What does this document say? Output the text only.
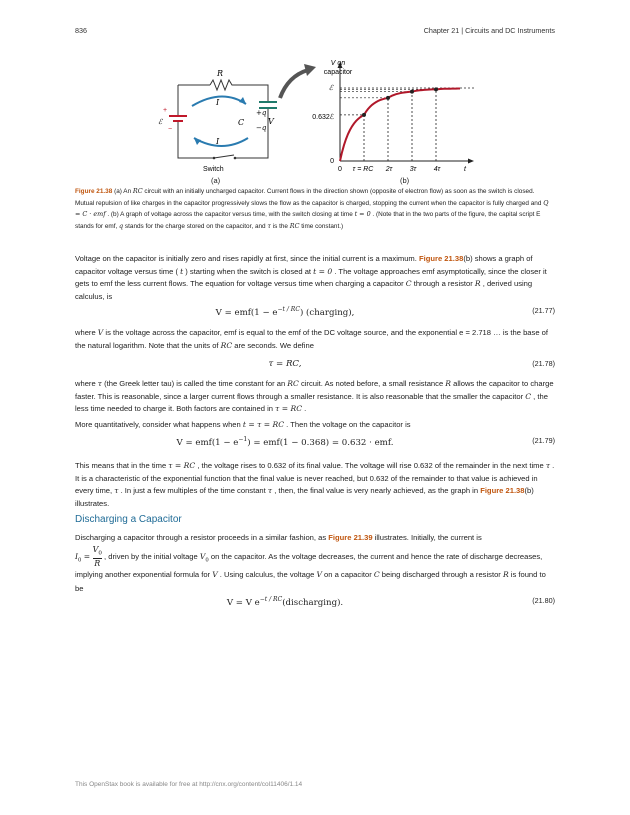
836	Chapter 21 | Circuits and DC Instruments
R
I
I
+
ℰ
−
C
+q
−q
V
Switch
V on
capacitor
ℰ
0.632ℰ
0
0 τ = RC 2τ 3τ 4τ	t
(a)	(b)
Figure 21.38 (a) An RC circuit with an initially uncharged capacitor. Current flows in the direction shown (opposite of electron flow) as soon as the switch is closed. Mutual repulsion of like charges in the capacitor progressively slows the flow as the capacitor is charged, stopping the current when the capacitor is fully charged and Q = C · emf . (b) A graph of voltage across the capacitor versus time, with the switch closing at time t = 0 . (Note that in the two parts of the figure, the capital script E stands for emf, q stands for the charge stored on the capacitor, and τ is the RC time constant.)
Voltage on the capacitor is initially zero and rises rapidly at first, since the initial current is a maximum. Figure 21.38(b) shows a graph of capacitor voltage versus time ( t ) starting when the switch is closed at t = 0 . The voltage approaches emf asymptotically, since the closer it gets to emf the less current flows. The equation for voltage versus time when charging a capacitor C through a resistor R , derived using calculus, is
$V = emf(1 - e^{-t / RC})$ (charging),	(21.77)
where V is the voltage across the capacitor, emf is equal to the emf of the DC voltage source, and the exponential e = 2.718 … is the base of the natural logarithm. Note that the units of RC are seconds. We define
τ = RC,	(21.78)
where τ (the Greek letter tau) is called the time constant for an RC circuit. As noted before, a small resistance R allows the capacitor to charge faster. This is reasonable, since a larger current flows through a smaller resistance. It is also reasonable that the smaller the capacitor C , the less time needed to charge it. Both factors are contained in τ = RC .
More quantitatively, consider what happens when t = τ = RC . Then the voltage on the capacitor is
$V = emf(1 - e^{-1}) = emf(1 - 0.368) = 0.632$ · emf.	(21.79)
This means that in the time τ = RC , the voltage rises to 0.632 of its final value. The voltage will rise 0.632 of the remainder in the next time τ . It is a characteristic of the exponential function that the final value is never reached, but 0.632 of the remainder to that value is achieved in every time, τ . In just a few multiples of the time constant τ , then, the final value is very nearly achieved, as the graph in Figure 21.38(b) illustrates.
Discharging a Capacitor
Discharging a capacitor through a resistor proceeds in a similar fashion, as Figure 21.39 illustrates. Initially, the current is
$I_0 = \frac{V_0}{R}$ , driven by the initial voltage $V_0$ on the capacitor. As the voltage decreases, the current and hence the rate of discharge decreases, implying another exponential formula for V . Using calculus, the voltage V on a capacitor C being discharged through a resistor R is found to be
V = V $e^{-t / RC}(discharging)$.	(21.80)
This OpenStax book is available for free at http://cnx.org/content/col11406/1.14
